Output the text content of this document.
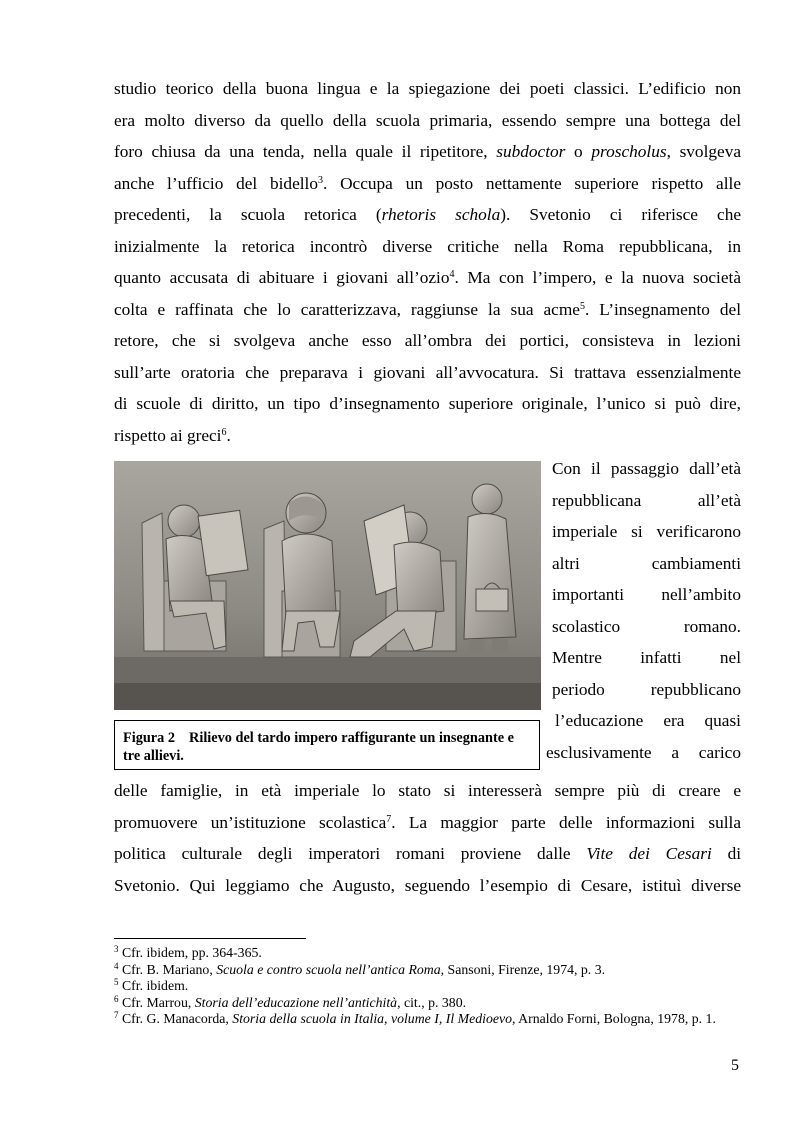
studio teorico della buona lingua e la spiegazione dei poeti classici. L’edificio non
era molto diverso da quello della scuola primaria, essendo sempre una bottega del
foro chiusa da una tenda, nella quale il ripetitore, subdoctor o proscholus, svolgeva
anche l’ufficio del bidello$^3$. Occupa un posto nettamente superiore rispetto alle
precedenti, la scuola retorica (rhetoris schola). Svetonio ci riferisce che
inizialmente la retorica incontrò diverse critiche nella Roma repubblicana, in
quanto accusata di abituare i giovani all’ozio$^4$. Ma con l’impero, e la nuova società
colta e raffinata che lo caratterizzava, raggiunse la sua acme$^5$. L’insegnamento del
retore, che si svolgeva anche esso all’ombra dei portici, consisteva in lezioni
sull’arte oratoria che preparava i giovani all’avvocatura. Si trattava essenzialmente
di scuole di diritto, un tipo d’insegnamento superiore originale, l’unico si può dire,
rispetto ai greci$^6$.
Figura 2 Rilievo del tardo impero raffigurante un insegnante e tre allievi.
Con il passaggio dall’età
repubblicana all’età
imperiale si verificarono
altri cambiamenti
importanti nell’ambito
scolastico romano.
Mentre infatti nel
periodo repubblicano
l’educazione era quasi
esclusivamente a carico
delle famiglie, in età imperiale lo stato si interesserà sempre più di creare e
promuovere un’istituzione scolastica$^7$. La maggior parte delle informazioni sulla
politica culturale degli imperatori romani proviene dalle Vite dei Cesari di
Svetonio. Qui leggiamo che Augusto, seguendo l’esempio di Cesare, istituì diverse

$^3$ Cfr. ibidem, pp. 364-365.

$^4$ Cfr. B. Mariano, Scuola e contro scuola nell’antica Roma, Sansoni, Firenze, 1974, p. 3.

$^5$ Cfr. ibidem.

$^6$ Cfr. Marrou, Storia dell’educazione nell’antichità, cit., p. 380.

$^7$ Cfr. G. Manacorda, Storia della scuola in Italia, volume I, Il Medioevo, Arnaldo Forni, Bologna, 1978, p. 1.

5
